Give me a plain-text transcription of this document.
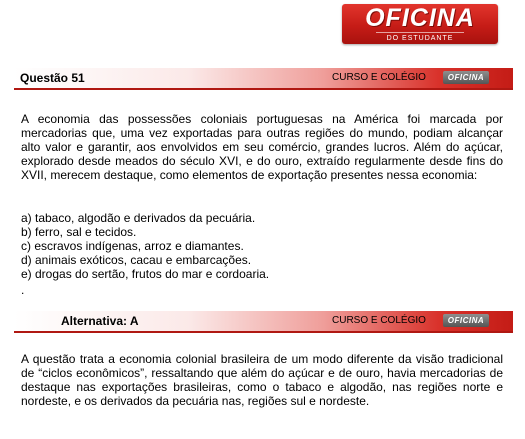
OFICINA
DO ESTUDANTE
Questão 51	CURSO E COLÉGIO	OFICINA

A economia das possessões coloniais portuguesas na América foi marcada por mercadorias que, uma vez exportadas para outras regiões do mundo, podiam alcançar alto valor e garantir, aos envolvidos em seu comércio, grandes lucros. Além do açúcar, explorado desde meados do século XVI, e do ouro, extraído regularmente desde fins do XVII, merecem destaque, como elementos de exportação presentes nessa economia:

a) tabaco, algodão e derivados da pecuária.

b) ferro, sal e tecidos.

c) escravos indígenas, arroz e diamantes.

d) animais exóticos, cacau e embarcações.

e) drogas do sertão, frutos do mar e cordoaria.

.
Alternativa: A	CURSO E COLÉGIO	OFICINA

A questão trata a economia colonial brasileira de um modo diferente da visão tradicional de “ciclos econômicos”, ressaltando que além do açúcar e de ouro, havia mercadorias de destaque nas exportações brasileiras, como o tabaco e algodão, nas regiões norte e nordeste, e os derivados da pecuária nas, regiões sul e nordeste.
